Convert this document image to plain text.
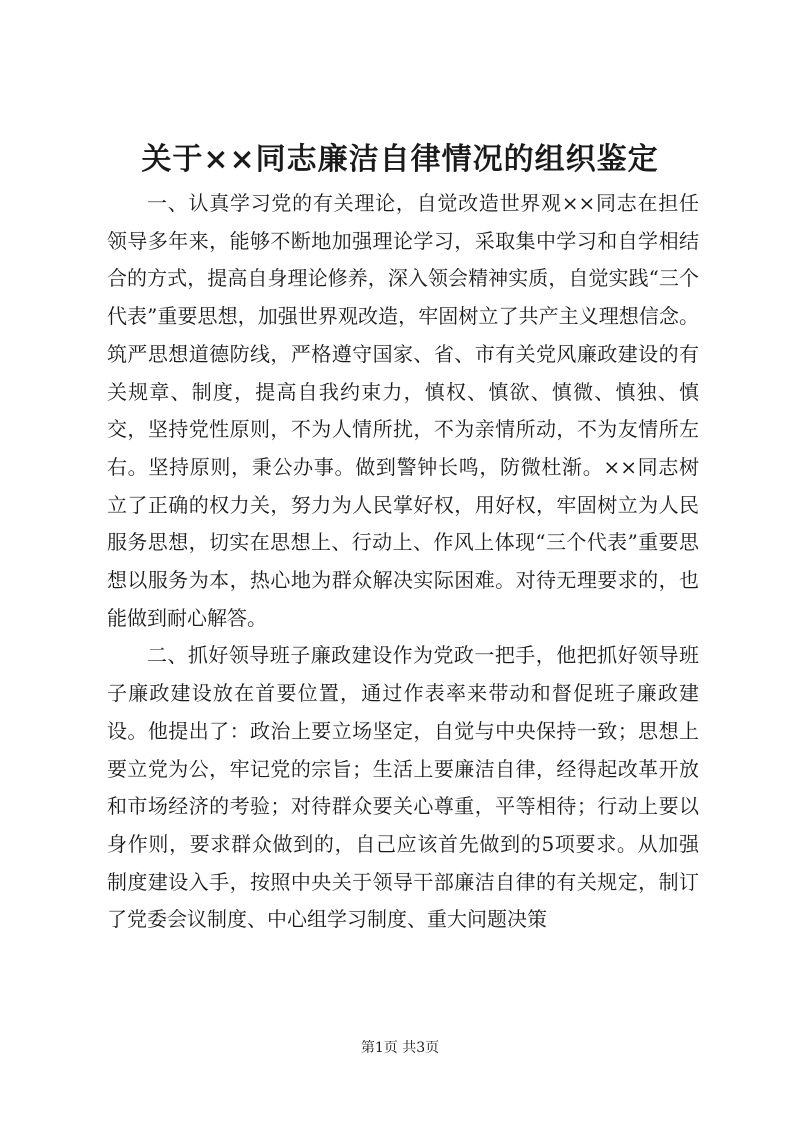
关于××同志廉洁自律情况的组织鉴定

一、认真学习党的有关理论，自觉改造世界观××同志在担任领导多年来，能够不断地加强理论学习，采取集中学习和自学相结合的方式，提高自身理论修养，深入领会精神实质，自觉实践“三个代表”重要思想，加强世界观改造，牢固树立了共产主义理想信念。筑严思想道德防线，严格遵守国家、省、市有关党风廉政建设的有关规章、制度，提高自我约束力，慎权、慎欲、慎微、慎独、慎交，坚持党性原则，不为人情所扰，不为亲情所动，不为友情所左右。坚持原则，秉公办事。做到警钟长鸣，防微杜渐。××同志树立了正确的权力关，努力为人民掌好权，用好权，牢固树立为人民服务思想，切实在思想上、行动上、作风上体现“三个代表”重要思想以服务为本，热心地为群众解决实际困难。对待无理要求的，也能做到耐心解答。

二、抓好领导班子廉政建设作为党政一把手，他把抓好领导班子廉政建设放在首要位置，通过作表率来带动和督促班子廉政建设。他提出了：政治上要立场坚定，自觉与中央保持一致；思想上要立党为公，牢记党的宗旨；生活上要廉洁自律，经得起改革开放和市场经济的考验；对待群众要关心尊重，平等相待；行动上要以身作则，要求群众做到的，自己应该首先做到的5项要求。从加强制度建设入手，按照中央关于领导干部廉洁自律的有关规定，制订了党委会议制度、中心组学习制度、重大问题决策

第1页 共3页
